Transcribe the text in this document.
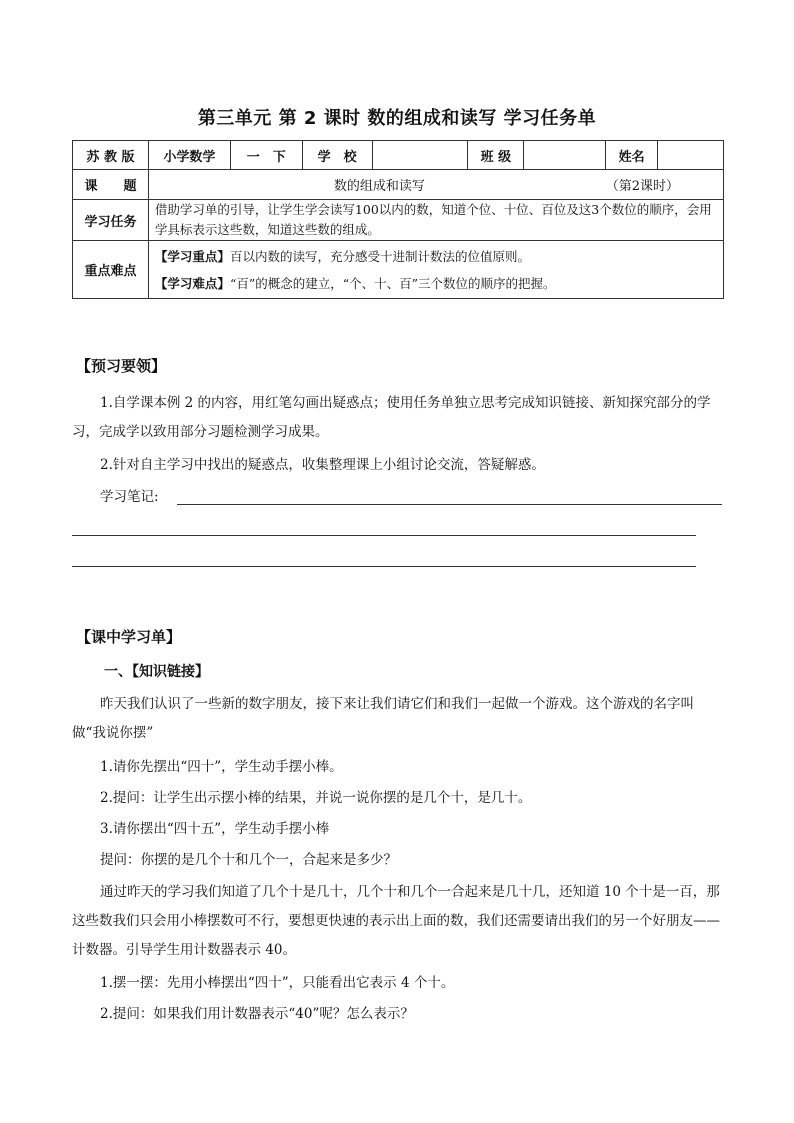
第三单元 第 2 课时 数的组成和读写 学习任务单
苏 教 版	小学数学	一　下	学　校		班 级		姓名	
课　　题	数的组成和读写 （第2课时）							
学习任务	借助学习单的引导，让学生学会读写100以内的数，知道个位、十位、百位及这3个数位的顺序，会用学具标表示这些数，知道这些数的组成。							
重点难点	【学习重点】百以内数的读写，充分感受十进制计数法的位值原则。
【学习难点】“百”的概念的建立，“个、十、百”三个数位的顺序的把握。							
【预习要领】
1.自学课本例 2 的内容，用红笔勾画出疑惑点；使用任务单独立思考完成知识链接、新知探究部分的学习，完成学以致用部分习题检测学习成果。
2.针对自主学习中找出的疑惑点，收集整理课上小组讨论交流，答疑解惑。
学习笔记:
【课中学习单】
一、【知识链接】
昨天我们认识了一些新的数字朋友，接下来让我们请它们和我们一起做一个游戏。这个游戏的名字叫做“我说你摆”
1.请你先摆出“四十”，学生动手摆小棒。
2.提问：让学生出示摆小棒的结果，并说一说你摆的是几个十，是几十。
3.请你摆出“四十五”，学生动手摆小棒
提问：你摆的是几个十和几个一，合起来是多少？
通过昨天的学习我们知道了几个十是几十，几个十和几个一合起来是几十几，还知道 10 个十是一百，那这些数我们只会用小棒摆数可不行，要想更快速的表示出上面的数，我们还需要请出我们的另一个好朋友——计数器。引导学生用计数器表示 40。
1.摆一摆：先用小棒摆出“四十”，只能看出它表示 4 个十。
2.提问：如果我们用计数器表示“40”呢？怎么表示？
